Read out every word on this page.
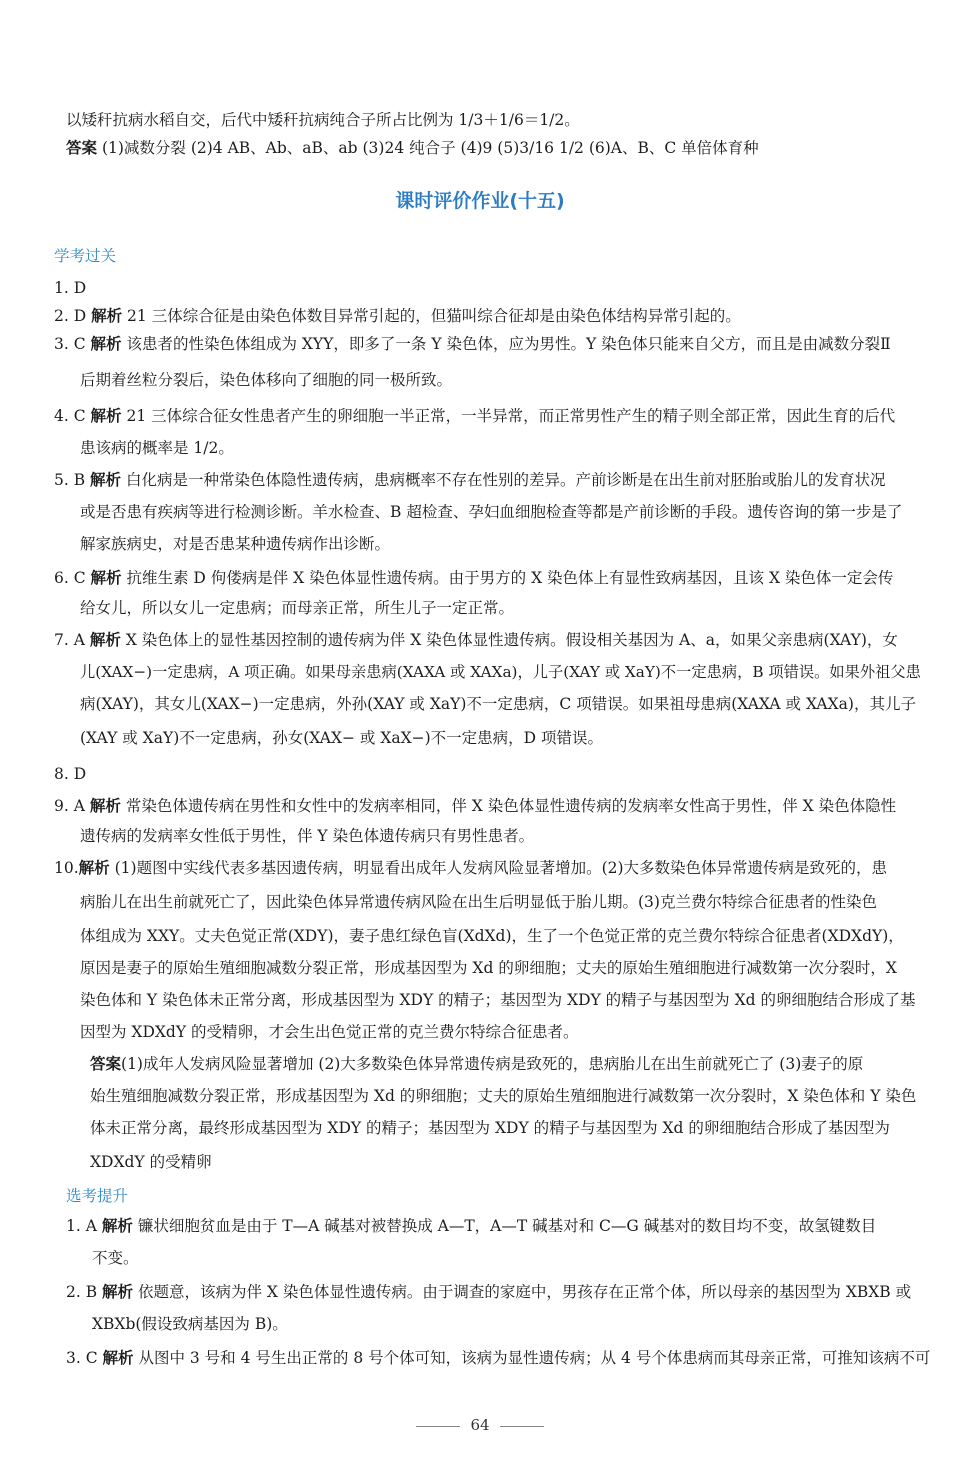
以矮秆抗病水稻自交，后代中矮秆抗病纯合子所占比例为 1/3＋1/6＝1/2。
答案 (1)减数分裂 (2)4 AB、Ab、aB、ab (3)24 纯合子 (4)9 (5)3/16 1/2 (6)A、B、C 单倍体育种
课时评价作业(十五)
学考过关
1. D
2. D 解析 21 三体综合征是由染色体数目异常引起的，但猫叫综合征却是由染色体结构异常引起的。
3. C 解析 该患者的性染色体组成为 XYY，即多了一条 Y 染色体，应为男性。Y 染色体只能来自父方，而且是由减数分裂Ⅱ
后期着丝粒分裂后，染色体移向了细胞的同一极所致。
4. C 解析 21 三体综合征女性患者产生的卵细胞一半正常，一半异常，而正常男性产生的精子则全部正常，因此生育的后代
患该病的概率是 1/2。
5. B 解析 白化病是一种常染色体隐性遗传病，患病概率不存在性别的差异。产前诊断是在出生前对胚胎或胎儿的发育状况
或是否患有疾病等进行检测诊断。羊水检查、B 超检查、孕妇血细胞检查等都是产前诊断的手段。遗传咨询的第一步是了
解家族病史，对是否患某种遗传病作出诊断。
6. C 解析 抗维生素 D 佝偻病是伴 X 染色体显性遗传病。由于男方的 X 染色体上有显性致病基因，且该 X 染色体一定会传
给女儿，所以女儿一定患病；而母亲正常，所生儿子一定正常。
7. A 解析 X 染色体上的显性基因控制的遗传病为伴 X 染色体显性遗传病。假设相关基因为 A、a，如果父亲患病(XAY)，女
儿(XAX−)一定患病，A 项正确。如果母亲患病(XAXA 或 XAXa)，儿子(XAY 或 XaY)不一定患病，B 项错误。如果外祖父患
病(XAY)，其女儿(XAX−)一定患病，外孙(XAY 或 XaY)不一定患病，C 项错误。如果祖母患病(XAXA 或 XAXa)，其儿子
(XAY 或 XaY)不一定患病，孙女(XAX− 或 XaX−)不一定患病，D 项错误。
8. D
9. A 解析 常染色体遗传病在男性和女性中的发病率相同，伴 X 染色体显性遗传病的发病率女性高于男性，伴 X 染色体隐性
遗传病的发病率女性低于男性，伴 Y 染色体遗传病只有男性患者。
10.解析 (1)题图中实线代表多基因遗传病，明显看出成年人发病风险显著增加。(2)大多数染色体异常遗传病是致死的，患
病胎儿在出生前就死亡了，因此染色体异常遗传病风险在出生后明显低于胎儿期。(3)克兰费尔特综合征患者的性染色
体组成为 XXY。丈夫色觉正常(XDY)，妻子患红绿色盲(XdXd)，生了一个色觉正常的克兰费尔特综合征患者(XDXdY)，
原因是妻子的原始生殖细胞减数分裂正常，形成基因型为 Xd 的卵细胞；丈夫的原始生殖细胞进行减数第一次分裂时，X
染色体和 Y 染色体未正常分离，形成基因型为 XDY 的精子；基因型为 XDY 的精子与基因型为 Xd 的卵细胞结合形成了基
因型为 XDXdY 的受精卵，才会生出色觉正常的克兰费尔特综合征患者。
答案(1)成年人发病风险显著增加 (2)大多数染色体异常遗传病是致死的，患病胎儿在出生前就死亡了 (3)妻子的原
始生殖细胞减数分裂正常，形成基因型为 Xd 的卵细胞；丈夫的原始生殖细胞进行减数第一次分裂时，X 染色体和 Y 染色
体未正常分离，最终形成基因型为 XDY 的精子；基因型为 XDY 的精子与基因型为 Xd 的卵细胞结合形成了基因型为
XDXdY 的受精卵
选考提升
1. A 解析 镰状细胞贫血是由于 T—A 碱基对被替换成 A—T，A—T 碱基对和 C—G 碱基对的数目均不变，故氢键数目
不变。
2. B 解析 依题意，该病为伴 X 染色体显性遗传病。由于调查的家庭中，男孩存在正常个体，所以母亲的基因型为 XBXB 或
XBXb(假设致病基因为 B)。
3. C 解析 从图中 3 号和 4 号生出正常的 8 号个体可知，该病为显性遗传病；从 4 号个体患病而其母亲正常，可推知该病不可
64
